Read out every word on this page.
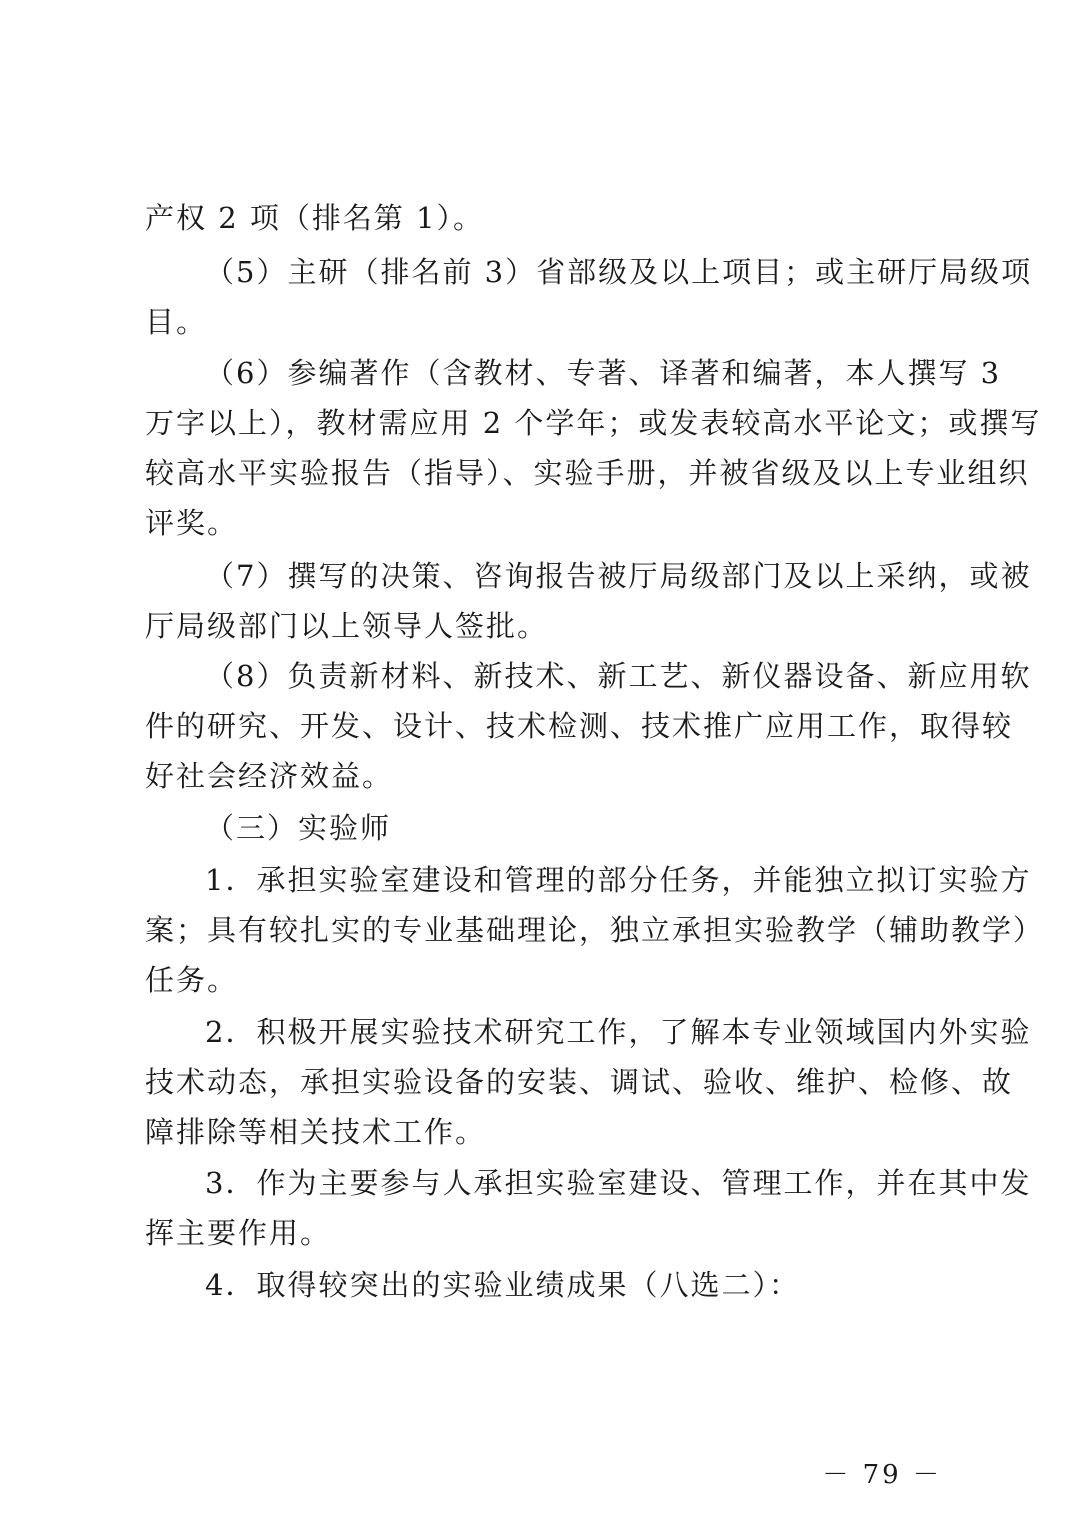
产权 2 项（排名第 1）。
（5）主研（排名前 3）省部级及以上项目；或主研厅局级项
目。
（6）参编著作（含教材、专著、译著和编著，本人撰写 3
万字以上），教材需应用 2 个学年；或发表较高水平论文；或撰写
较高水平实验报告（指导）、实验手册，并被省级及以上专业组织
评奖。
（7）撰写的决策、咨询报告被厅局级部门及以上采纳，或被
厅局级部门以上领导人签批。
（8）负责新材料、新技术、新工艺、新仪器设备、新应用软
件的研究、开发、设计、技术检测、技术推广应用工作，取得较
好社会经济效益。
（三）实验师
1．承担实验室建设和管理的部分任务，并能独立拟订实验方
案；具有较扎实的专业基础理论，独立承担实验教学（辅助教学）
任务。
2．积极开展实验技术研究工作，了解本专业领域国内外实验
技术动态，承担实验设备的安装、调试、验收、维护、检修、故
障排除等相关技术工作。
3．作为主要参与人承担实验室建设、管理工作，并在其中发
挥主要作用。
4．取得较突出的实验业绩成果（八选二）：
－ 79 －
